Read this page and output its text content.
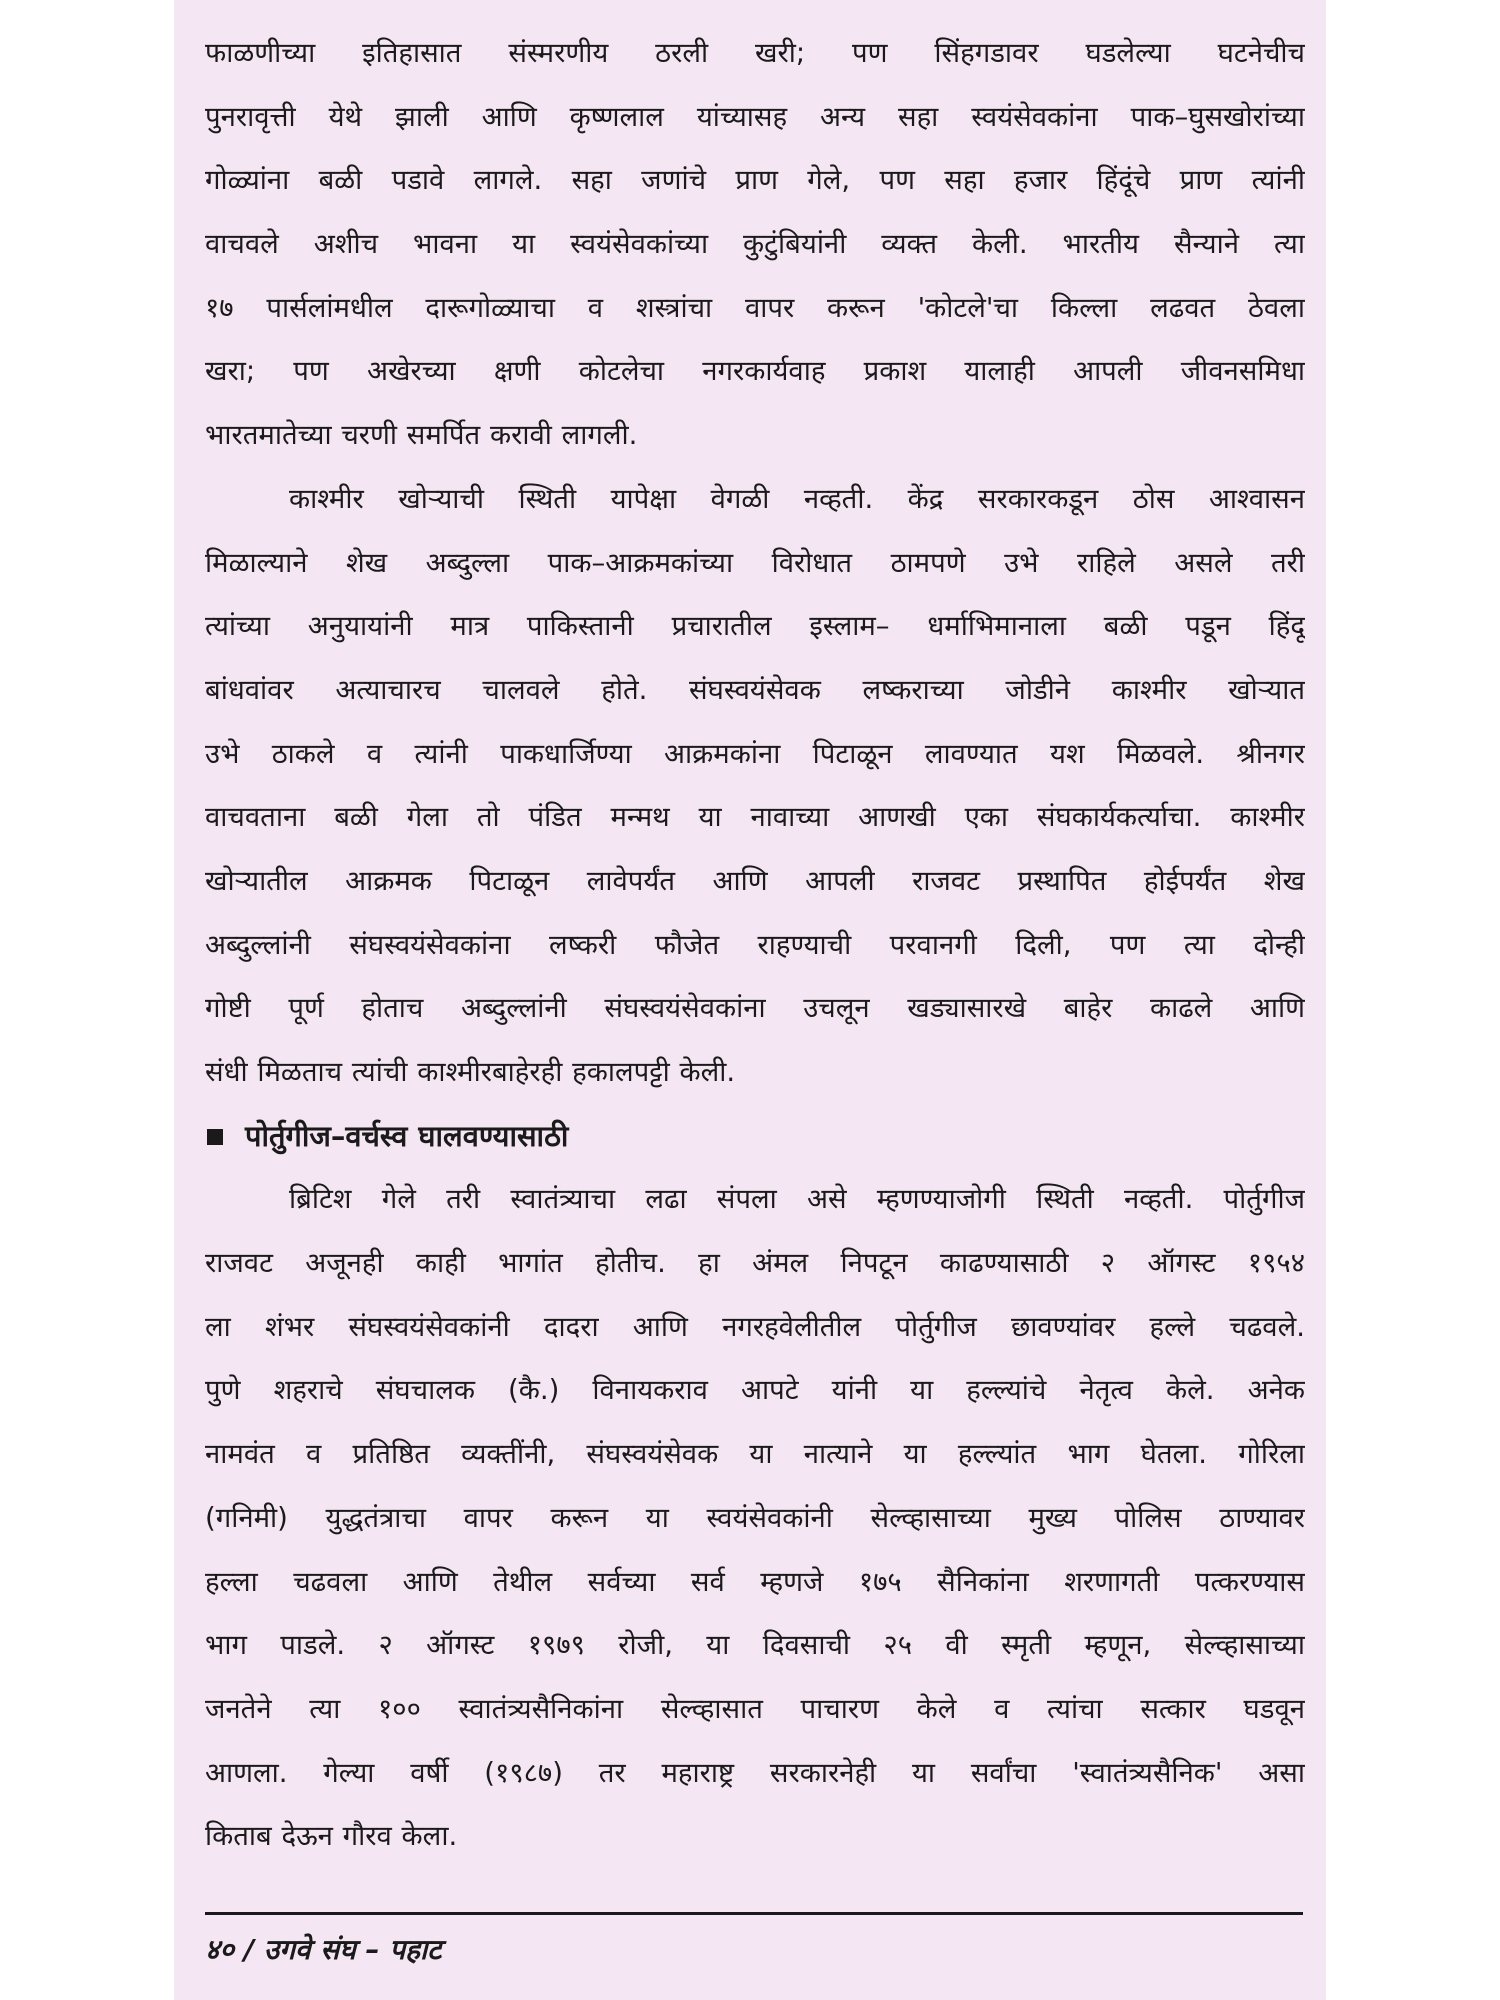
फाळणीच्या इतिहासात संस्मरणीय ठरली खरी; पण सिंहगडावर घडलेल्या घटनेचीच
पुनरावृत्ती येथे झाली आणि कृष्णलाल यांच्यासह अन्य सहा स्वयंसेवकांना पाक–घुसखोरांच्या
गोळ्यांना बळी पडावे लागले. सहा जणांचे प्राण गेले, पण सहा हजार हिंदूंचे प्राण त्यांनी
वाचवले अशीच भावना या स्वयंसेवकांच्या कुटुंबियांनी व्यक्त केली. भारतीय सैन्याने त्या
१७ पार्सलांमधील दारूगोळ्याचा व शस्त्रांचा वापर करून 'कोटले'चा किल्ला लढवत ठेवला
खरा; पण अखेरच्या क्षणी कोटलेचा नगरकार्यवाह प्रकाश यालाही आपली जीवनसमिधा
भारतमातेच्या चरणी समर्पित करावी लागली.
काश्मीर खोऱ्याची स्थिती यापेक्षा वेगळी नव्हती. केंद्र सरकारकडून ठोस आश्वासन
मिळाल्याने शेख अब्दुल्ला पाक–आक्रमकांच्या विरोधात ठामपणे उभे राहिले असले तरी
त्यांच्या अनुयायांनी मात्र पाकिस्तानी प्रचारातील इस्लाम– धर्माभिमानाला बळी पडून हिंदू
बांधवांवर अत्याचारच चालवले होते. संघस्वयंसेवक लष्कराच्या जोडीने काश्मीर खोऱ्यात
उभे ठाकले व त्यांनी पाकधार्जिण्या आक्रमकांना पिटाळून लावण्यात यश मिळवले. श्रीनगर
वाचवताना बळी गेला तो पंडित मन्मथ या नावाच्या आणखी एका संघकार्यकर्त्याचा. काश्मीर
खोऱ्यातील आक्रमक पिटाळून लावेपर्यंत आणि आपली राजवट प्रस्थापित होईपर्यंत शेख
अब्दुल्लांनी संघस्वयंसेवकांना लष्करी फौजेत राहण्याची परवानगी दिली, पण त्या दोन्ही
गोष्टी पूर्ण होताच अब्दुल्लांनी संघस्वयंसेवकांना उचलून खड्यासारखे बाहेर काढले आणि
संधी मिळताच त्यांची काश्मीरबाहेरही हकालपट्टी केली.
पोर्तुगीज–वर्चस्व घालवण्यासाठी
ब्रिटिश गेले तरी स्वातंत्र्याचा लढा संपला असे म्हणण्याजोगी स्थिती नव्हती. पोर्तुगीज
राजवट अजूनही काही भागांत होतीच. हा अंमल निपटून काढण्यासाठी २ ऑगस्ट १९५४
ला शंभर संघस्वयंसेवकांनी दादरा आणि नगरहवेलीतील पोर्तुगीज छावण्यांवर हल्ले चढवले.
पुणे शहराचे संघचालक (कै.) विनायकराव आपटे यांनी या हल्ल्यांचे नेतृत्व केले. अनेक
नामवंत व प्रतिष्ठित व्यक्तींनी, संघस्वयंसेवक या नात्याने या हल्ल्यांत भाग घेतला. गोरिला
(गनिमी) युद्धतंत्राचा वापर करून या स्वयंसेवकांनी सेल्व्हासाच्या मुख्य पोलिस ठाण्यावर
हल्ला चढवला आणि तेथील सर्वच्या सर्व म्हणजे १७५ सैनिकांना शरणागती पत्करण्यास
भाग पाडले. २ ऑगस्ट १९७९ रोजी, या दिवसाची २५ वी स्मृती म्हणून, सेल्व्हासाच्या
जनतेने त्या १०० स्वातंत्र्यसैनिकांना सेल्व्हासात पाचारण केले व त्यांचा सत्कार घडवून
आणला. गेल्या वर्षी (१९८७) तर महाराष्ट्र सरकारनेही या सर्वांचा 'स्वातंत्र्यसैनिक' असा
किताब देऊन गौरव केला.
४० / उगवे संघ – पहाट
